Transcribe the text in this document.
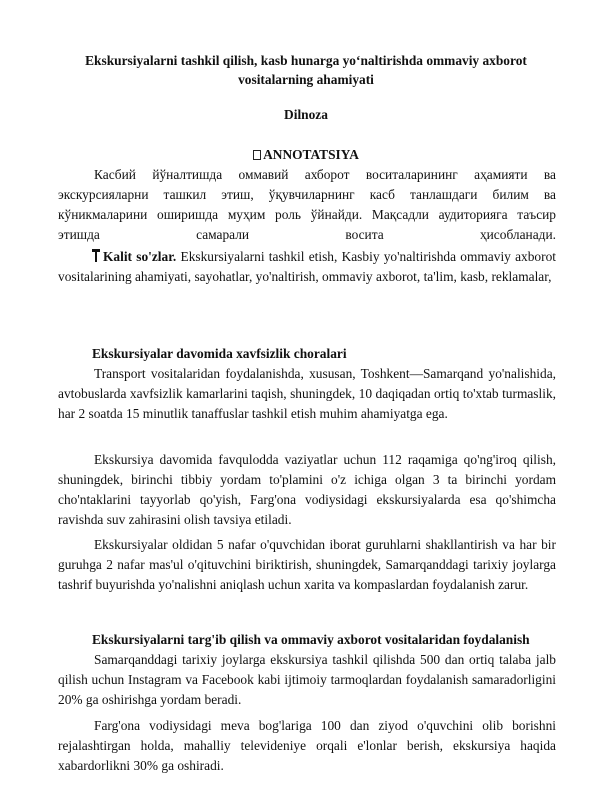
Ekskursiyalarni tashkil qilish, kasb hunarga yo‘naltirishda ommaviy axborot vositalarning ahamiyati
Dilnoza
ANNOTATSIYA
Касбий йўналтишда оммавий ахборот воситаларининг аҳамияти ва экскурсияларни ташкил этиш, ўқувчиларнинг касб танлашдаги билим ва кўникмаларини оширишда муҳим роль ўйнайди. Мақсадли аудиторияга таъсир этишда самарали восита ҳисобланади.
Kalit so'zlar. Ekskursiyalarni tashkil etish, Kasbiy yo'naltirishda ommaviy axborot vositalarining ahamiyati, sayohatlar, yo'naltirish, ommaviy axborot, ta'lim, kasb, reklamalar,
Ekskursiyalar davomida xavfsizlik choralari
Transport vositalaridan foydalanishda, xususan, Toshkent—Samarqand yo'nalishida, avtobuslarda xavfsizlik kamarlarini taqish, shuningdek, 10 daqiqadan ortiq to'xtab turmaslik, har 2 soatda 15 minutlik tanaffuslar tashkil etish muhim ahamiyatga ega.
Ekskursiya davomida favqulodda vaziyatlar uchun 112 raqamiga qo'ng'iroq qilish, shuningdek, birinchi tibbiy yordam to'plamini o'z ichiga olgan 3 ta birinchi yordam cho'ntaklarini tayyorlab qo'yish, Farg'ona vodiysidagi ekskursiyalarda esa qo'shimcha ravishda suv zahirasini olish tavsiya etiladi.
Ekskursiyalar oldidan 5 nafar o'quvchidan iborat guruhlarni shakllantirish va har bir guruhga 2 nafar mas'ul o'qituvchini biriktirish, shuningdek, Samarqanddagi tarixiy joylarga tashrif buyurishda yo'nalishni aniqlash uchun xarita va kompaslardan foydalanish zarur.
Ekskursiyalarni targ'ib qilish va ommaviy axborot vositalaridan foydalanish
Samarqanddagi tarixiy joylarga ekskursiya tashkil qilishda 500 dan ortiq talaba jalb qilish uchun Instagram va Facebook kabi ijtimoiy tarmoqlardan foydalanish samaradorligini 20% ga oshirishga yordam beradi.
Farg'ona vodiysidagi meva bog'lariga 100 dan ziyod o'quvchini olib borishni rejalashtirgan holda, mahalliy televideniye orqali e'lonlar berish, ekskursiya haqida xabardorlikni 30% ga oshiradi.
